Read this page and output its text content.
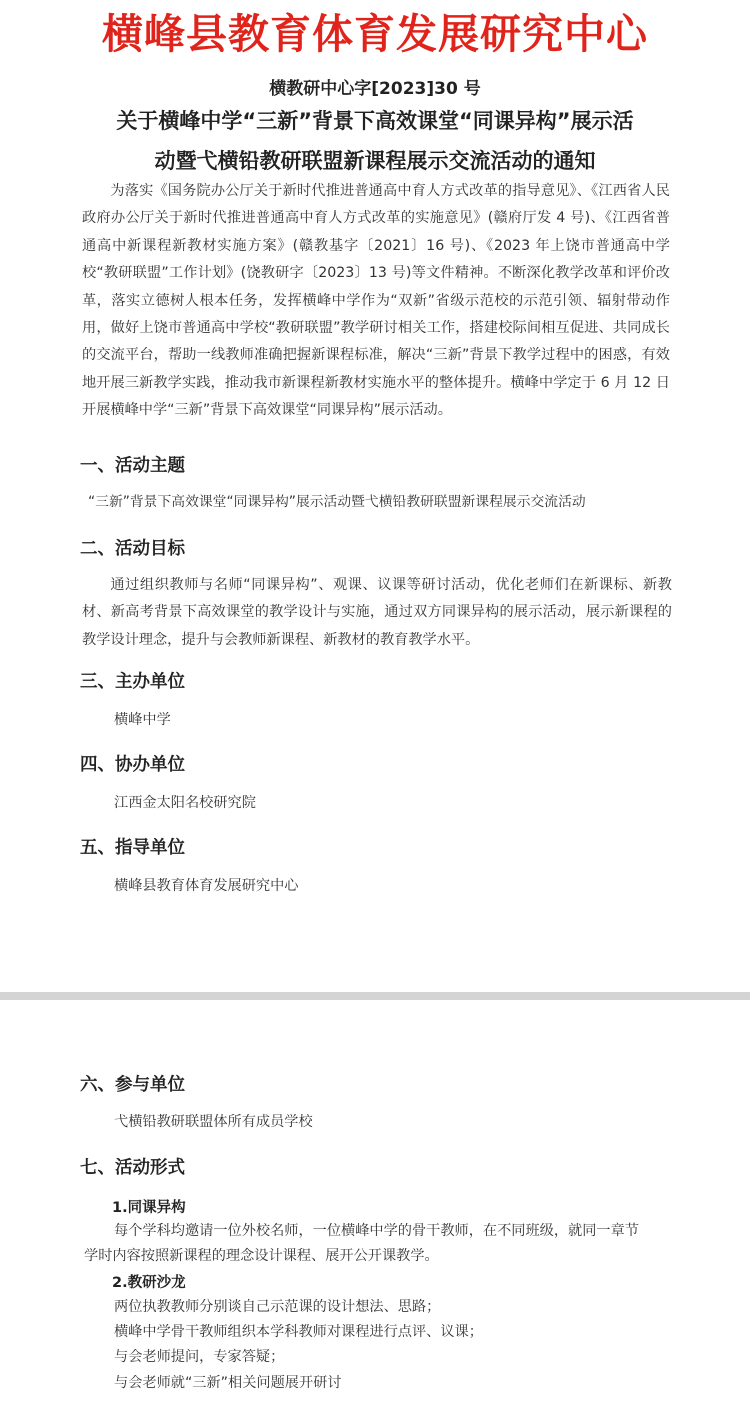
横峰县教育体育发展研究中心
横教研中心字[2023]30 号
关于横峰中学“三新”背景下高效课堂“同课异构”展示活
动暨弋横铅教研联盟新课程展示交流活动的通知

为落实《国务院办公厅关于新时代推进普通高中育人方式改革的指导意见》、《江西省人民政府办公厅关于新时代推进普通高中育人方式改革的实施意见》(赣府厅发 4 号)、《江西省普通高中新课程新教材实施方案》(赣教基字〔2021〕16 号)、《2023 年上饶市普通高中学校“教研联盟”工作计划》(饶教研字〔2023〕13 号)等文件精神。不断深化教学改革和评价改革，落实立德树人根本任务，发挥横峰中学作为“双新”省级示范校的示范引领、辐射带动作用，做好上饶市普通高中学校“教研联盟”教学研讨相关工作，搭建校际间相互促进、共同成长的交流平台，帮助一线教师准确把握新课程标准，解决“三新”背景下教学过程中的困惑，有效地开展三新教学实践，推动我市新课程新教材实施水平的整体提升。横峰中学定于 6 月 12 日开展横峰中学“三新”背景下高效课堂“同课异构”展示活动。

一、活动主题
“三新”背景下高效课堂“同课异构”展示活动暨弋横铅教研联盟新课程展示交流活动
二、活动目标
通过组织教师与名师“同课异构”、观课、议课等研讨活动，优化老师们在新课标、新教材、新高考背景下高效课堂的教学设计与实施，通过双方同课异构的展示活动，展示新课程的教学设计理念，提升与会教师新课程、新教材的教育教学水平。
三、主办单位
横峰中学
四、协办单位
江西金太阳名校研究院
五、指导单位
横峰县教育体育发展研究中心
六、参与单位
弋横铅教研联盟体所有成员学校
七、活动形式
1.同课异构
每个学科均邀请一位外校名师，一位横峰中学的骨干教师，在不同班级，就同一章节
学时内容按照新课程的理念设计课程、展开公开课教学。
2.教研沙龙
两位执教教师分别谈自己示范课的设计想法、思路；
横峰中学骨干教师组织本学科教师对课程进行点评、议课；
与会老师提问，专家答疑；
与会老师就“三新”相关问题展开研讨
